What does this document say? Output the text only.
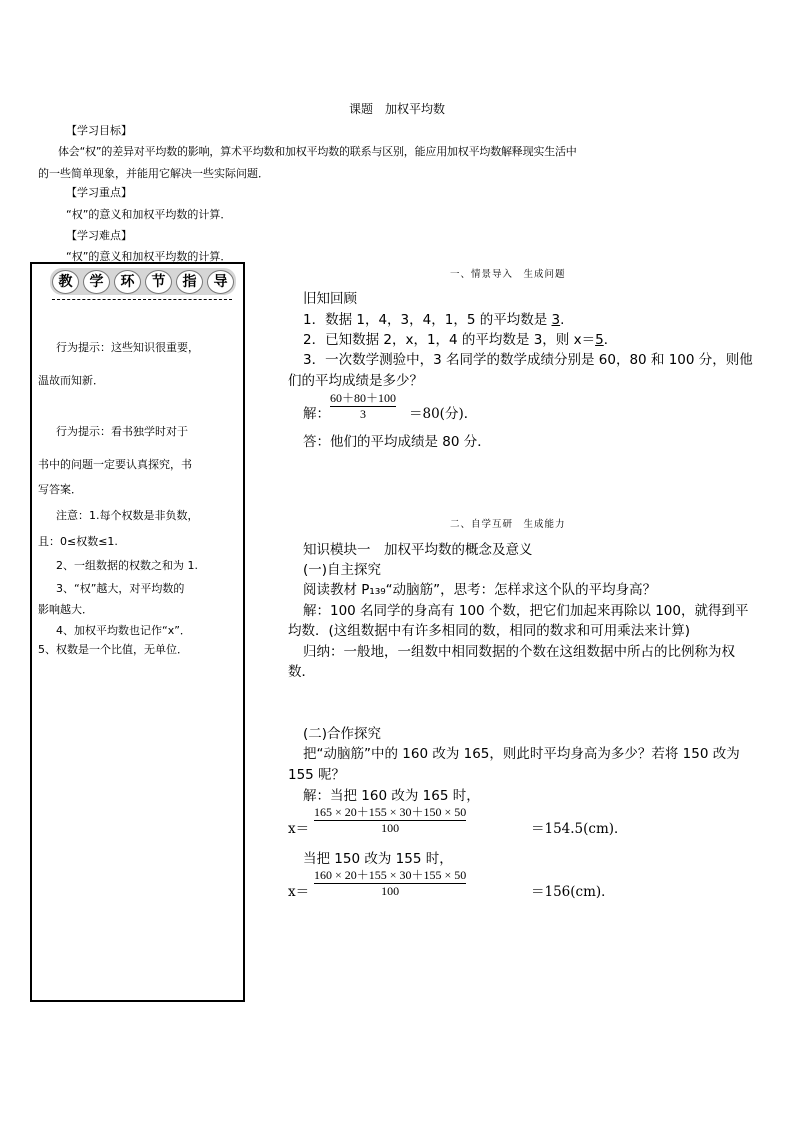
课题　加权平均数
【学习目标】
体会“权”的差异对平均数的影响，算术平均数和加权平均数的联系与区别，能应用加权平均数解释现实生活中
的一些简单现象，并能用它解决一些实际问题．
【学习重点】
“权”的意义和加权平均数的计算．
【学习难点】
“权”的意义和加权平均数的计算．
教	学	环	节	指	导
行为提示：这些知识很重要，
温故而知新．
行为提示：看书独学时对于
书中的问题一定要认真探究，书
写答案．
注意：1.每个权数是非负数，
且：0≤权数≤1.
2、一组数据的权数之和为 1.
3、“权”越大，对平均数的
影响越大．
4、加权平均数也记作“x”．
5、权数是一个比值，无单位．
一、情景导入　生成问题
旧知回顾
1．数据 1，4，3，4，1，5 的平均数是 3.
2．已知数据 2，x，1，4 的平均数是 3，则 x＝5．
3．一次数学测验中，3 名同学的数学成绩分别是 60，80 和 100 分，则他
们的平均成绩是多少？
解：
60＋80＋100
3	＝80(分)．
答：他们的平均成绩是 80 分．
二、自学互研　生成能力
知识模块一　加权平均数的概念及意义
(一)自主探究
阅读教材 P₁₃₉“动脑筋”，思考：怎样求这个队的平均身高？
解：100 名同学的身高有 100 个数，把它们加起来再除以 100，就得到平
均数．(这组数据中有许多相同的数，相同的数求和可用乘法来计算)
归纳：一般地，一组数中相同数据的个数在这组数据中所占的比例称为权
数．
(二)合作探究
把“动脑筋”中的 160 改为 165，则此时平均身高为多少？若将 150 改为
155 呢？
解：当把 160 改为 165 时，
x＝
165 × 20＋155 × 30＋150 × 50
100	＝154.5(cm)．
当把 150 改为 155 时，
x＝
160 × 20＋155 × 30＋155 × 50
100	＝156(cm)．
